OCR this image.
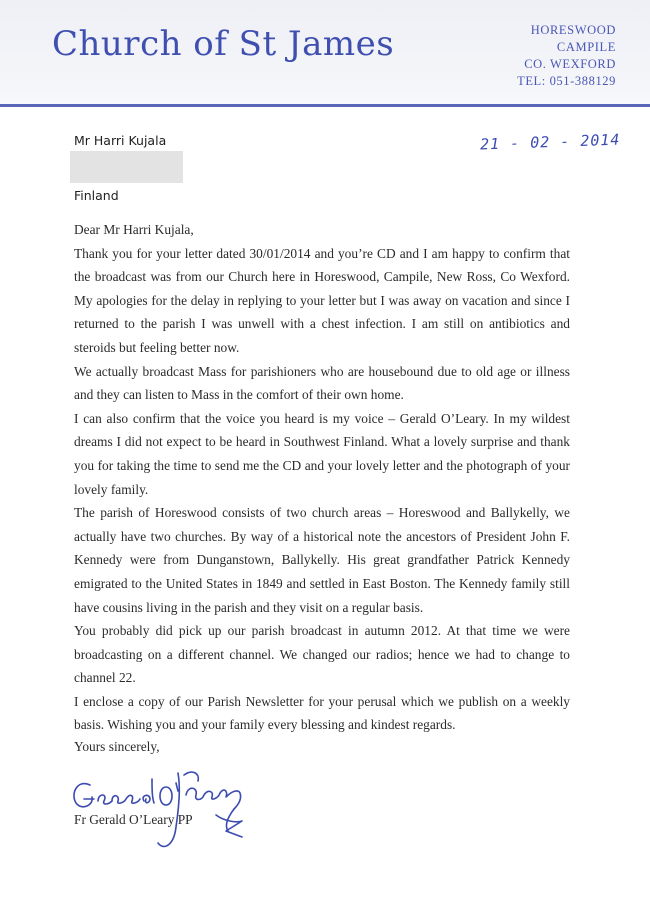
Church of St James	HORESWOOD
CAMPILE
CO. WEXFORD
TEL: 051-388129
Mr Harri Kujala
Finland
21 - 02 - 2014

Dear Mr Harri Kujala,

Thank you for your letter dated 30/01/2014 and you’re CD and I am happy to confirm that the broadcast was from our Church here in Horeswood, Campile, New Ross, Co Wexford. My apologies for the delay in replying to your letter but I was away on vacation and since I returned to the parish I was unwell with a chest infection. I am still on antibiotics and steroids but feeling better now.

We actually broadcast Mass for parishioners who are housebound due to old age or illness and they can listen to Mass in the comfort of their own home.

I can also confirm that the voice you heard is my voice – Gerald O’Leary. In my wildest dreams I did not expect to be heard in Southwest Finland. What a lovely surprise and thank you for taking the time to send me the CD and your lovely letter and the photograph of your lovely family.

The parish of Horeswood consists of two church areas – Horeswood and Ballykelly, we actually have two churches. By way of a historical note the ancestors of President John F. Kennedy were from Dunganstown, Ballykelly. His great grandfather Patrick Kennedy emigrated to the United States in 1849 and settled in East Boston. The Kennedy family still have cousins living in the parish and they visit on a regular basis.

You probably did pick up our parish broadcast in autumn 2012. At that time we were broadcasting on a different channel. We changed our radios; hence we had to change to channel 22.

I enclose a copy of our Parish Newsletter for your perusal which we publish on a weekly basis. Wishing you and your family every blessing and kindest regards.

Yours sincerely,
Fr Gerald O’Leary PP
